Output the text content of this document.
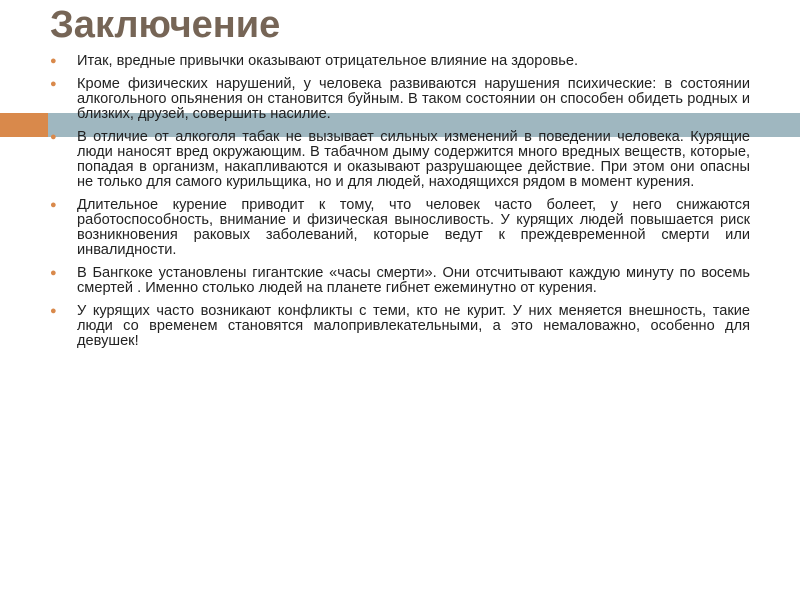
Заключение
● Итак, вредные привычки оказывают отрицательное влияние на здоровье.
● Кроме физических нарушений, у человека развиваются нарушения психические: в состоянии алкогольного опьянения он становится буйным. В таком состоянии он способен обидеть родных и близких, друзей, совершить насилие.
● В отличие от алкоголя табак не вызывает сильных изменений в поведении человека. Курящие люди наносят вред окружающим. В табачном дыму содержится много вредных веществ, которые, попадая в организм, накапливаются и оказывают разрушающее действие. При этом они опасны не только для самого курильщика, но и для людей, находящихся рядом в момент курения.
● Длительное курение приводит к тому, что человек часто болеет, у него снижаются работоспособность, внимание и физическая выносливость. У курящих людей повышается риск возникновения раковых заболеваний, которые ведут к преждевременной смерти или инвалидности.
● В Бангкоке установлены гигантские «часы смерти». Они отсчитывают каждую минуту по восемь смертей . Именно столько людей на планете гибнет ежеминутно от курения.
● У курящих часто возникают конфликты с теми, кто не курит. У них меняется внешность, такие люди со временем становятся малопривлекательными, а это немаловажно, особенно для девушек!
